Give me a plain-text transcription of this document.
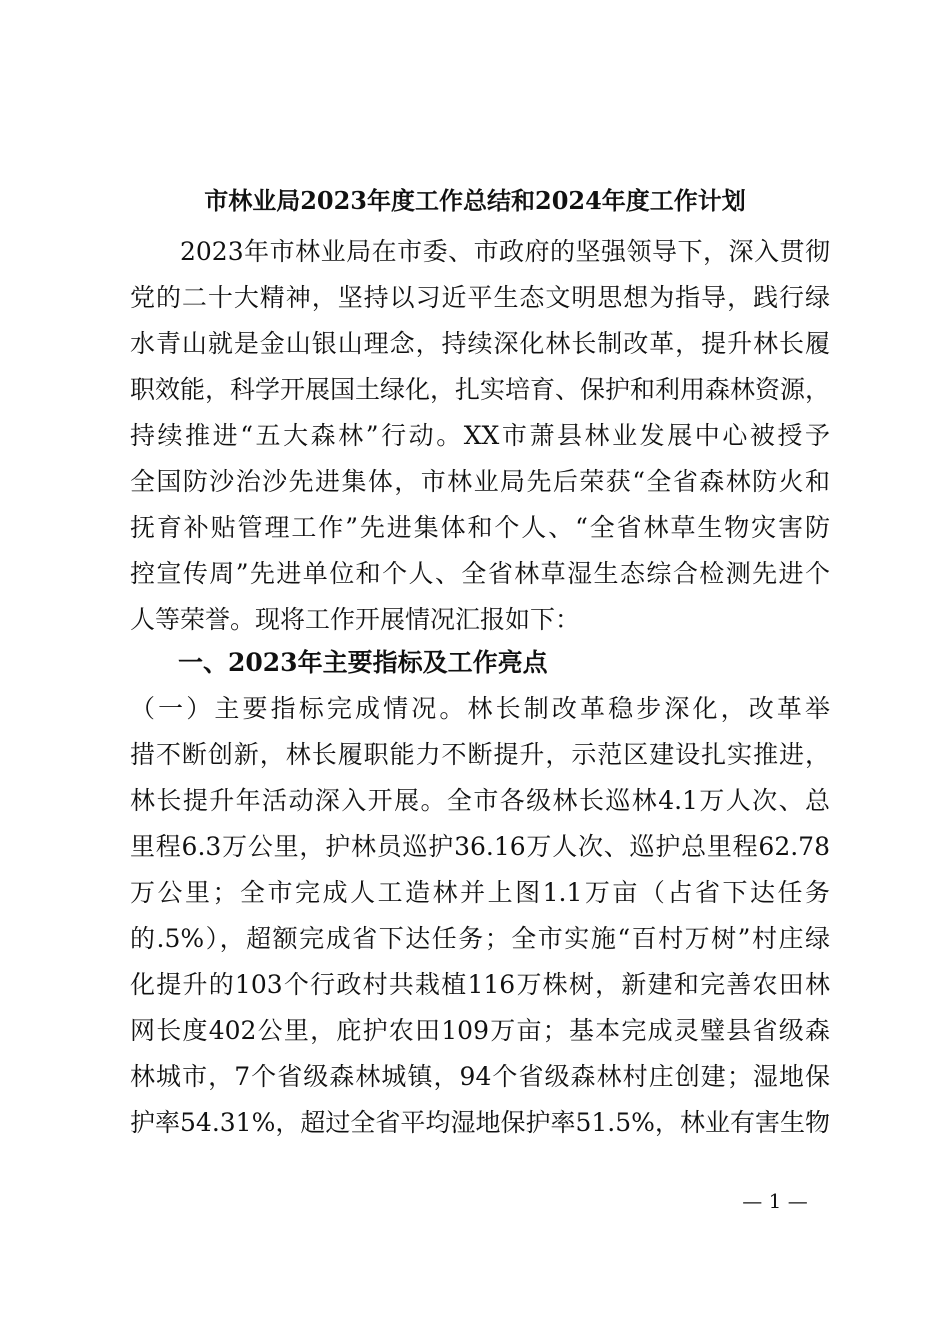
市林业局2023年度工作总结和2024年度工作计划
2023年市林业局在市委、市政府的坚强领导下，深入贯彻
党的二十大精神，坚持以习近平生态文明思想为指导，践行绿
水青山就是金山银山理念，持续深化林长制改革，提升林长履
职效能，科学开展国土绿化，扎实培育、保护和利用森林资源，
持续推进“五大森林”行动。XX市萧县林业发展中心被授予
全国防沙治沙先进集体，市林业局先后荣获“全省森林防火和
抚育补贴管理工作”先进集体和个人、“全省林草生物灾害防
控宣传周”先进单位和个人、全省林草湿生态综合检测先进个
人等荣誉。现将工作开展情况汇报如下：
一、2023年主要指标及工作亮点
（一）主要指标完成情况。林长制改革稳步深化，改革举
措不断创新，林长履职能力不断提升，示范区建设扎实推进，
林长提升年活动深入开展。全市各级林长巡林4.1万人次、总
里程6.3万公里，护林员巡护36.16万人次、巡护总里程62.78
万公里；全市完成人工造林并上图1.1万亩（占省下达任务
的.5%），超额完成省下达任务；全市实施“百村万树”村庄绿
化提升的103个行政村共栽植116万株树，新建和完善农田林
网长度402公里，庇护农田109万亩；基本完成灵璧县省级森
林城市，7个省级森林城镇，94个省级森林村庄创建；湿地保
护率54.31%，超过全省平均湿地保护率51.5%，林业有害生物
— 1 —
